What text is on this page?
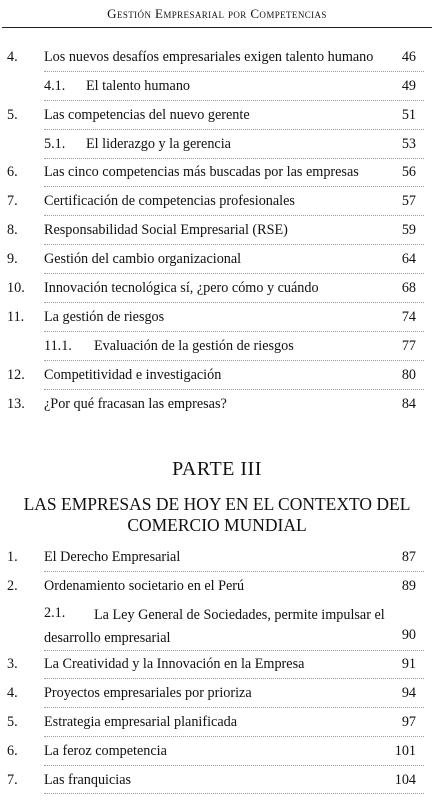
Gestión Empresarial por Competencias
4. Los nuevos desafíos empresariales exigen talento humano 46
4.1. El talento humano	49
5. Las competencias del nuevo gerente	51
5.1. El liderazgo y la gerencia	53
6. Las cinco competencias más buscadas por las empresas	56
7. Certificación de competencias profesionales	57
8. Responsabilidad Social Empresarial (RSE)	59
9. Gestión del cambio organizacional	64
10. Innovación tecnológica sí, ¿pero cómo y cuándo	68
11. La gestión de riesgos	74
11.1. Evaluación de la gestión de riesgos	77
12. Competitividad e investigación	80
13. ¿Por qué fracasan las empresas?	84
PARTE III
LAS EMPRESAS DE HOY EN EL CONTEXTO DEL COMERCIO MUNDIAL
1. El Derecho Empresarial	87
2. Ordenamiento societario en el Perú	89
2.1.	La Ley General de Sociedades, permite impulsar el desarrollo empresarial	90
3. La Creatividad y la Innovación en la Empresa	91
4. Proyectos empresariales por prioriza	94
5. Estrategia empresarial planificada	97
6. La feroz competencia	101
7. Las franquicias	104
